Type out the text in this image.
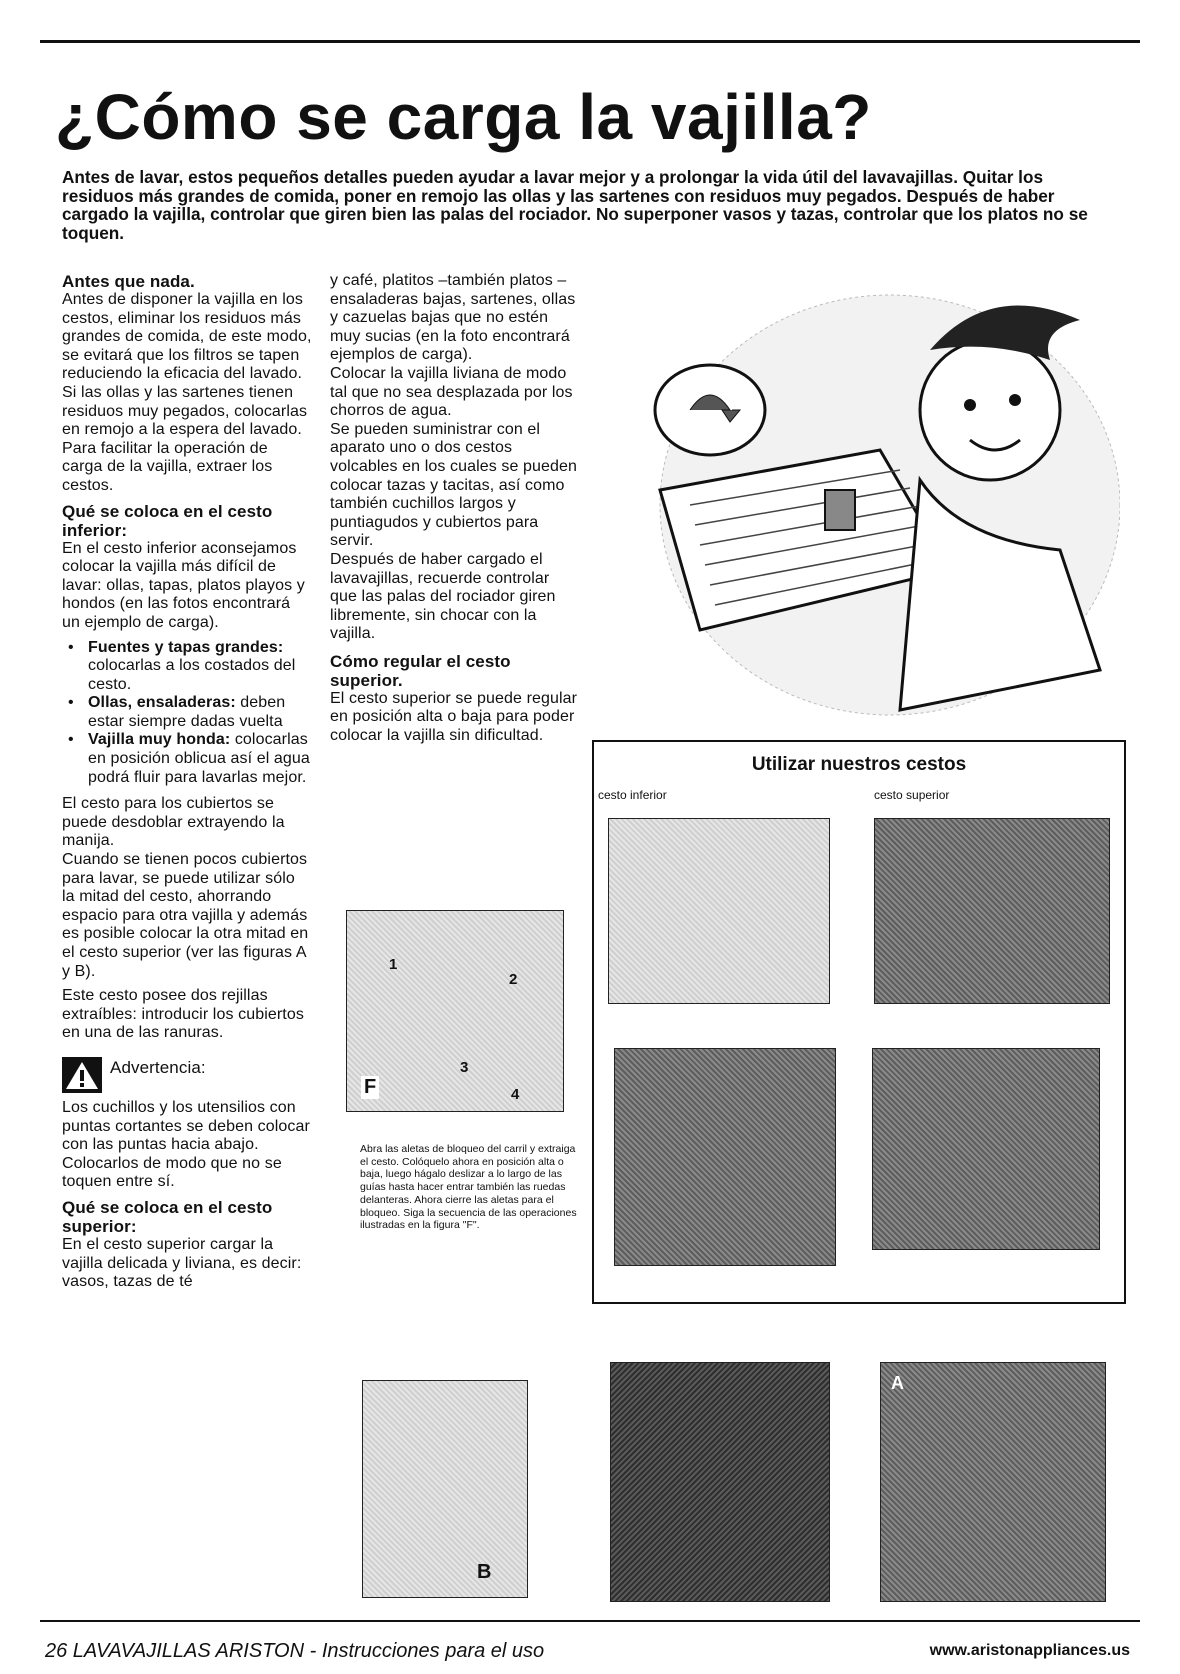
¿Cómo se carga la vajilla?
Antes de lavar, estos pequeños detalles pueden ayudar a lavar mejor y a prolongar la vida útil del lavavajillas. Quitar los residuos más grandes de comida, poner en remojo las ollas y las sartenes con residuos muy pegados. Después de haber cargado la vajilla, controlar que giren bien las palas del rociador. No superponer vasos y tazas, controlar que los platos no se toquen.
Antes que nada.

Antes de disponer la vajilla en los cestos, eliminar los residuos más grandes de comida, de este modo, se evitará que los filtros se tapen reduciendo la eficacia del lavado. Si las ollas y las sartenes tienen residuos muy pegados, colocarlas en remojo a la espera del lavado. Para facilitar la operación de carga de la vajilla, extraer los cestos.

Qué se coloca en el cesto inferior:

En el cesto inferior aconsejamos colocar la vajilla más difícil de lavar: ollas, tapas, platos playos y hondos (en las fotos encontrará un ejemplo de carga).

• Fuentes y tapas grandes: colocarlas a los costados del cesto.
• Ollas, ensaladeras: deben estar siempre dadas vuelta
• Vajilla muy honda: colocarlas en posición oblicua así el agua podrá fluir para lavarlas mejor.

El cesto para los cubiertos se puede desdoblar extrayendo la manija.

Cuando se tienen pocos cubiertos para lavar, se puede utilizar sólo la mitad del cesto, ahorrando espacio para otra vajilla y además es posible colocar la otra mitad en el cesto superior (ver las figuras A y B).

Este cesto posee dos rejillas extraíbles: introducir los cubiertos en una de las ranuras.

Advertencia:

Los cuchillos y los utensilios con puntas cortantes se deben colocar con las puntas hacia abajo.

Colocarlos de modo que no se toquen entre sí.

Qué se coloca en el cesto superior:

En el cesto superior cargar la vajilla delicada y liviana, es decir: vasos, tazas de té

y café, platitos –también platos –ensaladeras bajas, sartenes, ollas y cazuelas bajas que no estén muy sucias (en la foto encontrará ejemplos de carga).

Colocar la vajilla liviana de modo tal que no sea desplazada por los chorros de agua.

Se pueden suministrar con el aparato uno o dos cestos volcables en los cuales se pueden colocar tazas y tacitas, así como también cuchillos largos y puntiagudos y cubiertos para servir.

Después de haber cargado el lavavajillas, recuerde controlar que las palas del rociador giren libremente, sin chocar con la vajilla.

Cómo regular el cesto superior.

El cesto superior se puede regular en posición alta o baja para poder colocar la vajilla sin dificultad.

F
1
2
3
4
Abra las aletas de bloqueo del carril y extraiga el cesto. Colóquelo ahora en posición alta o baja, luego hágalo deslizar a lo largo de las guías hasta hacer entrar también las ruedas delanteras. Ahora cierre las aletas para el bloqueo. Siga la secuencia de las operaciones ilustradas en la figura "F".
Utilizar nuestros cestos
cesto inferior	cesto superior
B
A
26 LAVAVAJILLAS ARISTON - Instrucciones para el uso	www.aristonappliances.us
